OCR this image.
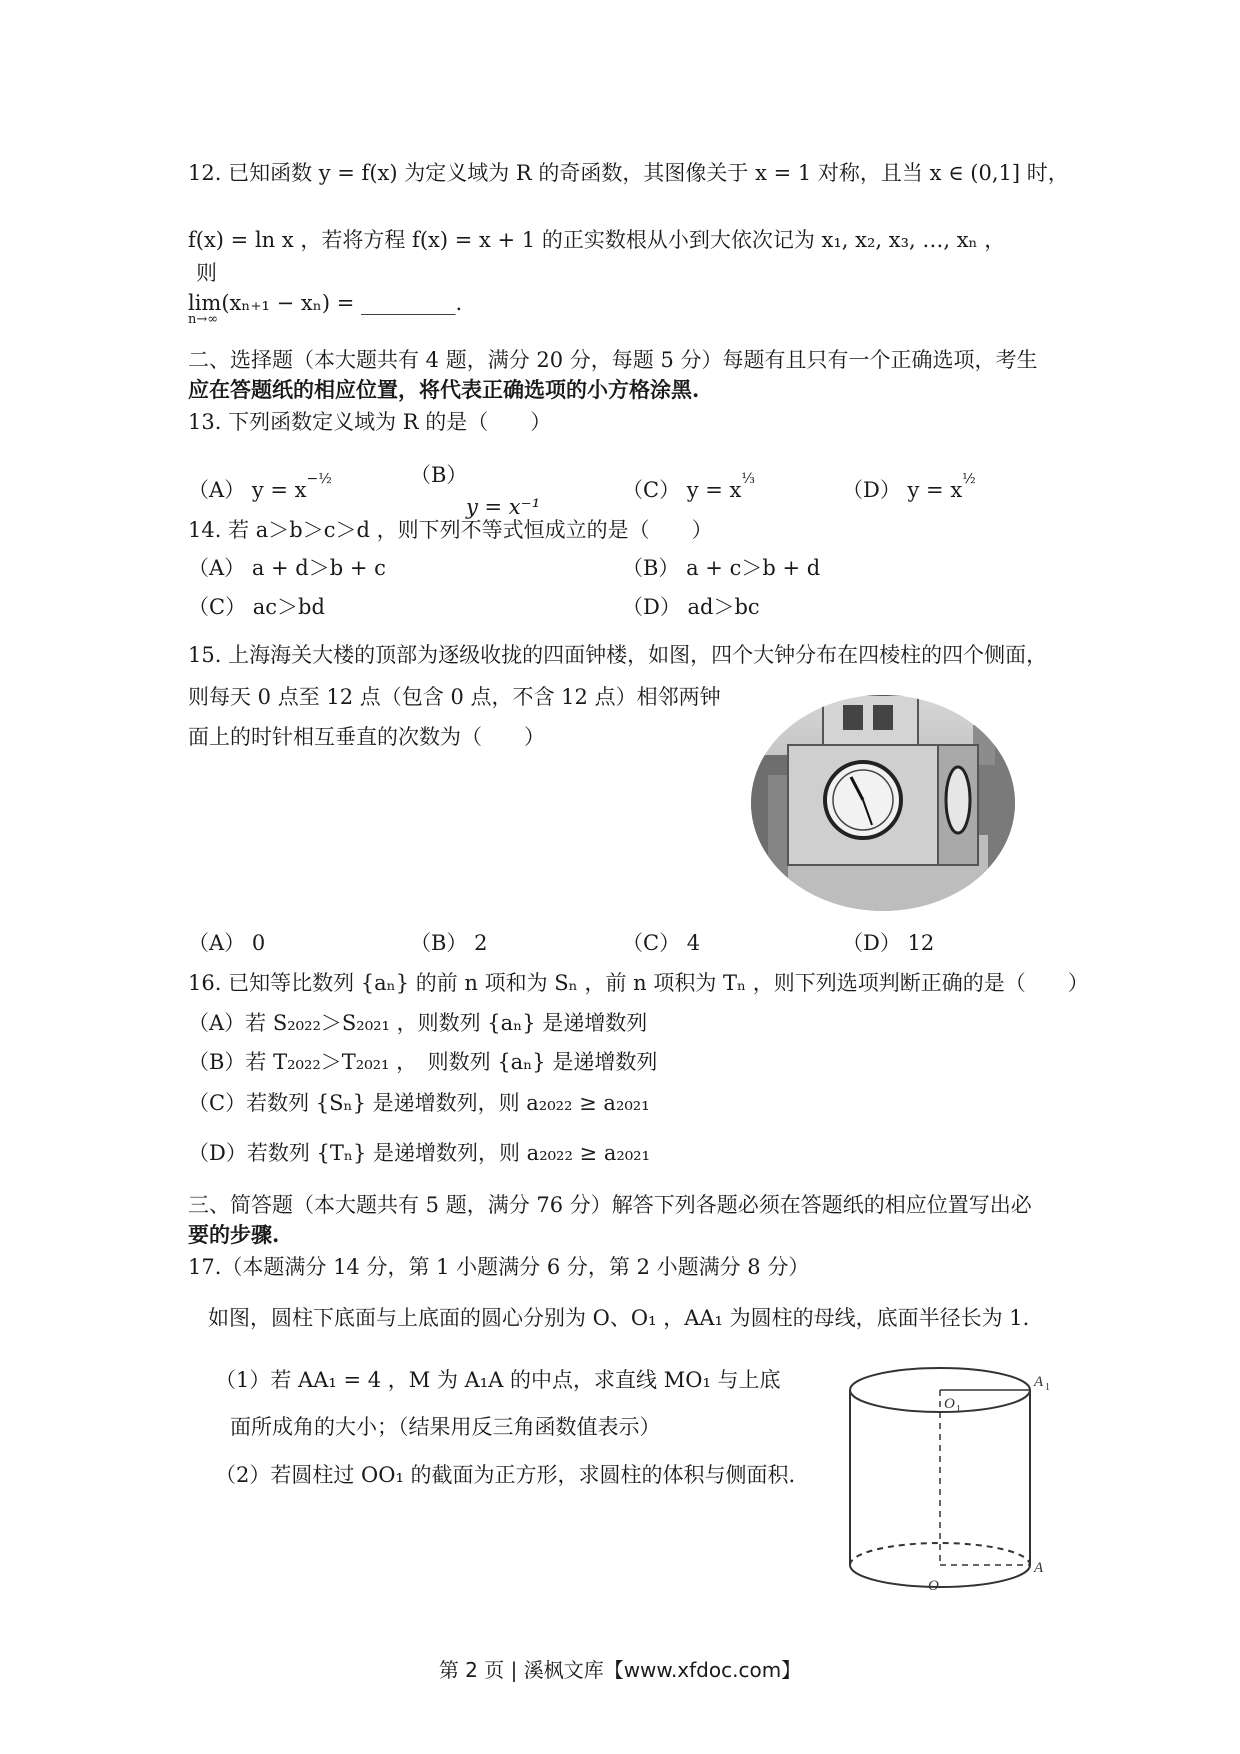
12. 已知函数 y = f(x) 为定义域为 R 的奇函数，其图像关于 x = 1 对称，且当 x ∈ (0,1] 时，
f(x) = ln x ，若将方程 f(x) = x + 1 的正实数根从小到大依次记为 x₁, x₂, x₃, …, xₙ ，
则
lim(xₙ₊₁ − xₙ) = _________.
n→∞
二、选择题（本大题共有 4 题，满分 20 分，每题 5 分）每题有且只有一个正确选项，考生
应在答题纸的相应位置，将代表正确选项的小方格涂黑.
13. 下列函数定义域为 R 的是（　　）
（A） $y = x^{-\frac{1}{2}}$	（B）
y = x⁻¹
（C） $y = x^{\frac{1}{3}}$	（D） $y = x^{\frac{1}{2}}$
14. 若 a＞b＞c＞d ，则下列不等式恒成立的是（　　）
（A） a + d＞b + c	（B） a + c＞b + d
（C） ac＞bd	（D） ad＞bc
15. 上海海关大楼的顶部为逐级收拢的四面钟楼，如图，四个大钟分布在四棱柱的四个侧面，
则每天 0 点至 12 点（包含 0 点，不含 12 点）相邻两钟
面上的时针相互垂直的次数为（　　）
（A） 0	（B） 2	（C） 4	（D） 12
16. 已知等比数列 {aₙ} 的前 n 项和为 Sₙ ，前 n 项积为 Tₙ ，则下列选项判断正确的是（　　）
（A）若 S₂₀₂₂＞S₂₀₂₁ ，则数列 {aₙ} 是递增数列
（B）若 T₂₀₂₂＞T₂₀₂₁ ，　则数列 {aₙ} 是递增数列
（C）若数列 {Sₙ} 是递增数列，则 a₂₀₂₂ ≥ a₂₀₂₁
（D）若数列 {Tₙ} 是递增数列，则 a₂₀₂₂ ≥ a₂₀₂₁
三、简答题（本大题共有 5 题，满分 76 分）解答下列各题必须在答题纸的相应位置写出必
要的步骤.
17.（本题满分 14 分，第 1 小题满分 6 分，第 2 小题满分 8 分）
如图，圆柱下底面与上底面的圆心分别为 O、O₁ ，AA₁ 为圆柱的母线，底面半径长为 1.
（1）若 AA₁ = 4 ，M 为 A₁A 的中点，求直线 MO₁ 与上底
面所成角的大小；（结果用反三角函数值表示）
（2）若圆柱过 OO₁ 的截面为正方形，求圆柱的体积与侧面积.
O 1
A 1
O
A
第 2 页 | 溪枫文库【www.xfdoc.com】
